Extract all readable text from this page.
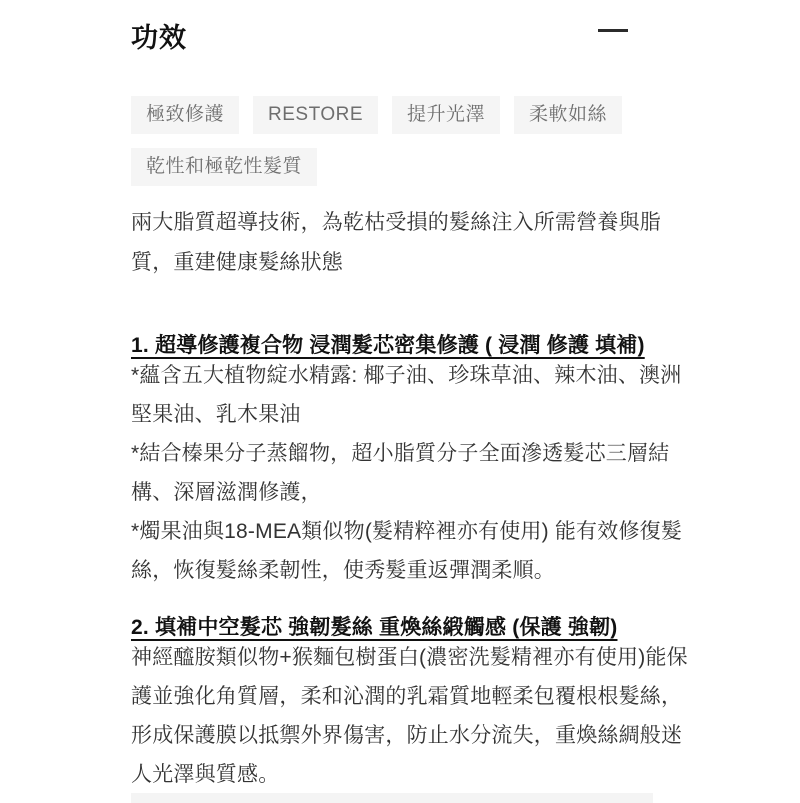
功效
極致修護	RESTORE	提升光澤	柔軟如絲
乾性和極乾性髮質
兩大脂質超導技術，為乾枯受損的髮絲注入所需營養與脂質，重建健康髮絲狀態
1. 超導修護複合物 浸潤髮芯密集修護 ( 浸潤 修護 填補)
*蘊含五大植物綻水精露: 椰子油、珍珠草油、辣木油、澳洲堅果油、乳木果油
*結合榛果分子蒸餾物，超小脂質分子全面滲透髮芯三層結構、深層滋潤修護，
*燭果油與18-MEA類似物(髮精粹裡亦有使用) 能有效修復髮絲，恢復髮絲柔韌性，使秀髮重返彈潤柔順。
2. 填補中空髮芯 強韌髮絲 重煥絲緞觸感 (保護 強韌)
神經醯胺類似物+猴麵包樹蛋白(濃密洗髮精裡亦有使用)能保護並強化角質層，柔和沁潤的乳霜質地輕柔包覆根根髮絲，形成保護膜以抵禦外界傷害，防止水分流失，重煥絲綢般迷人光澤與質感。
